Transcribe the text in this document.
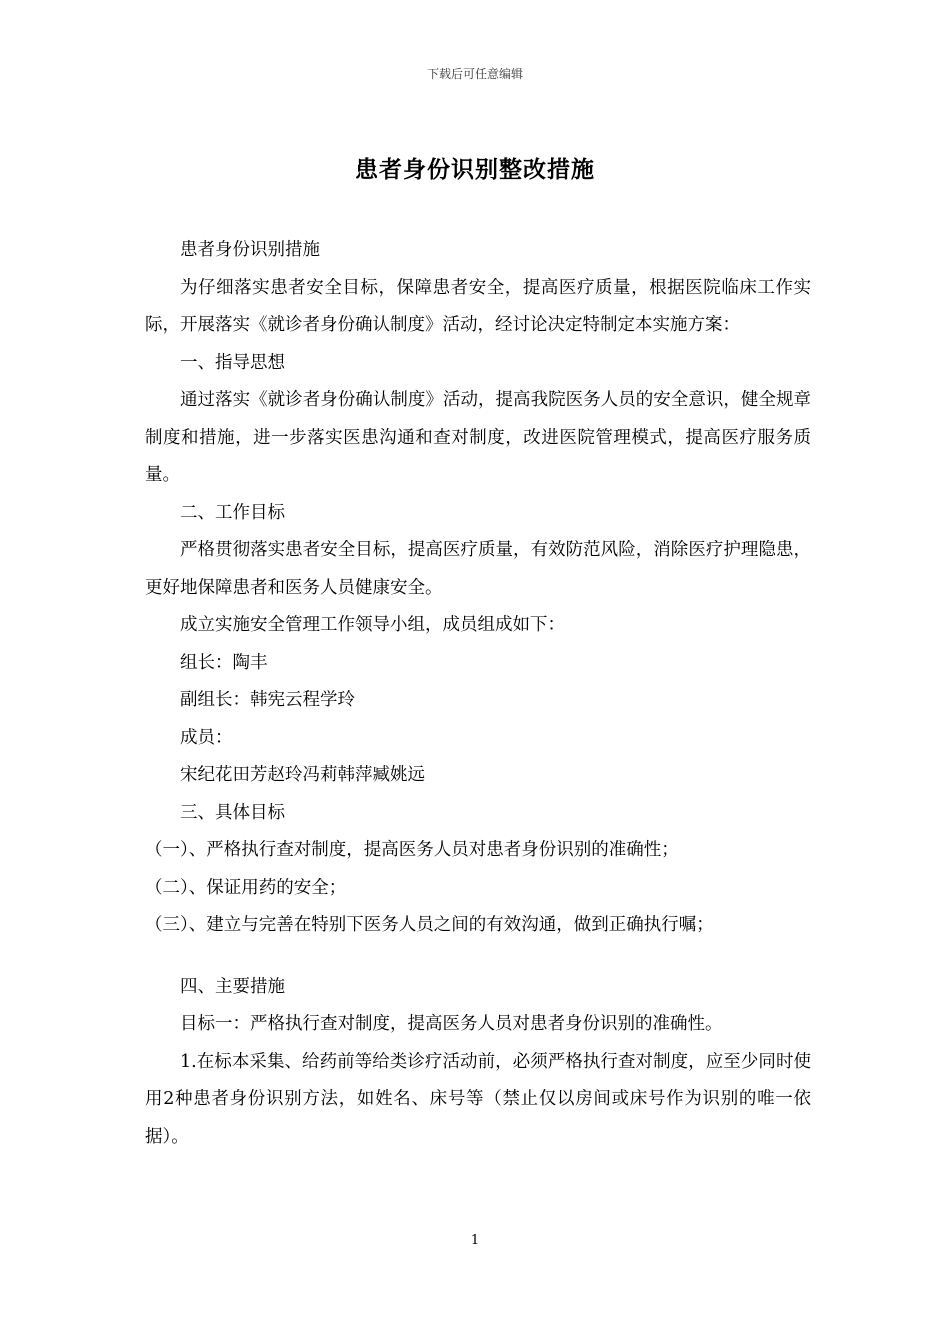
下载后可任意编辑
患者身份识别整改措施

患者身份识别措施

为仔细落实患者安全目标，保障患者安全，提高医疗质量，根据医院临床工作实际，开展落实《就诊者身份确认制度》活动，经讨论决定特制定本实施方案：

一、指导思想

通过落实《就诊者身份确认制度》活动，提高我院医务人员的安全意识，健全规章制度和措施，进一步落实医患沟通和查对制度，改进医院管理模式，提高医疗服务质量。

二、工作目标

严格贯彻落实患者安全目标，提高医疗质量，有效防范风险，消除医疗护理隐患，更好地保障患者和医务人员健康安全。

成立实施安全管理工作领导小组，成员组成如下：

组长：陶丰

副组长：韩宪云程学玲

成员：

宋纪花田芳赵玲冯莉韩萍臧姚远

三、具体目标

（一）、严格执行查对制度，提高医务人员对患者身份识别的准确性；

（二）、保证用药的安全；

（三）、建立与完善在特别下医务人员之间的有效沟通，做到正确执行嘱；

四、主要措施

目标一：严格执行查对制度，提高医务人员对患者身份识别的准确性。

1.在标本采集、给药前等给类诊疗活动前，必须严格执行查对制度，应至少同时使用2种患者身份识别方法，如姓名、床号等（禁止仅以房间或床号作为识别的唯一依据）。

1
